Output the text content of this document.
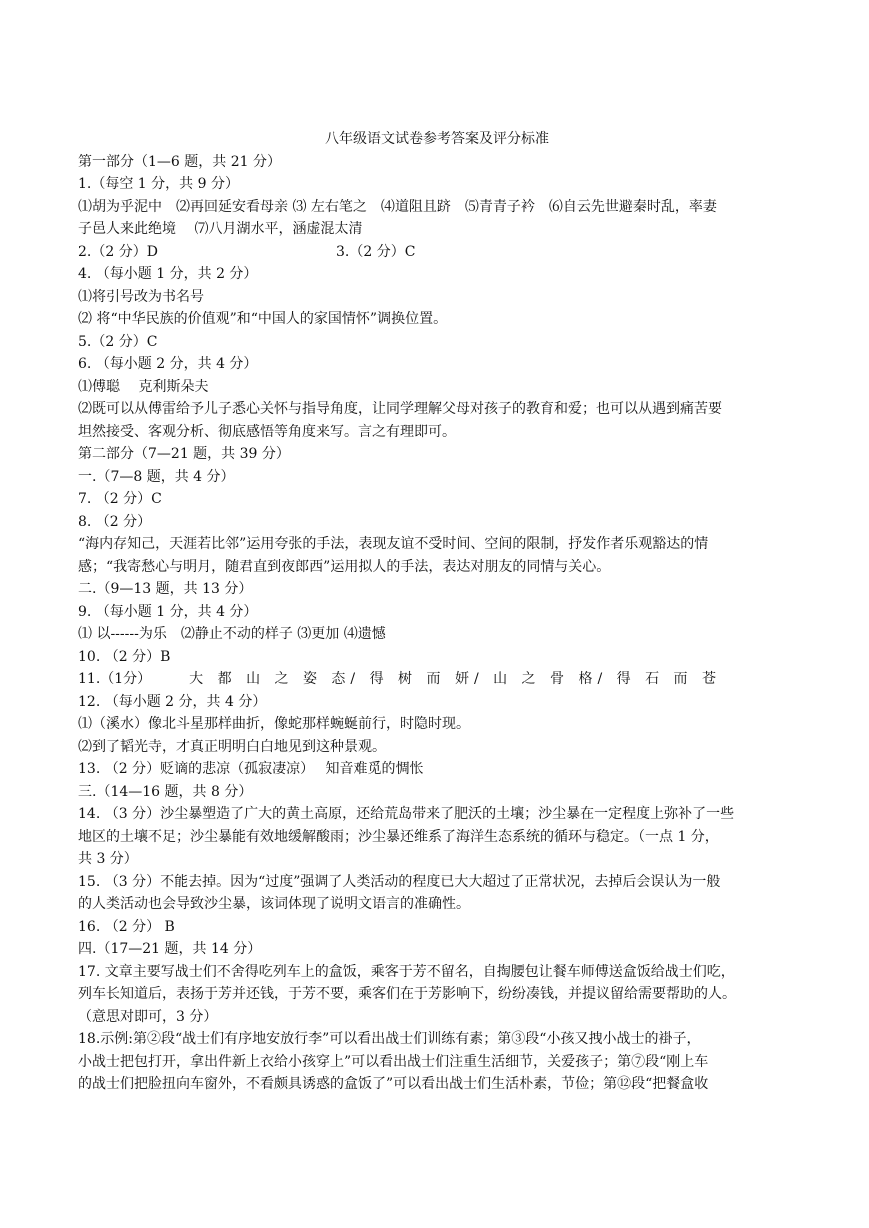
八年级语文试卷参考答案及评分标准
第一部分（1—6 题，共 21 分）
1.（每空 1 分，共 9 分）
⑴胡为乎泥中　⑵再回延安看母亲 ⑶ 左右笔之　⑷道阻且跻　⑸青青子衿　⑹自云先世避秦时乱，率妻
子邑人来此绝境　 ⑺八月湖水平，涵虚混太清
2.（2 分）D	3.（2 分）C
4. （每小题 1 分，共 2 分）
⑴将引号改为书名号
⑵ 将“中华民族的价值观”和“中国人的家国情怀”调换位置。
5.（2 分）C
6. （每小题 2 分，共 4 分）
⑴傅聪　 克利斯朵夫
⑵既可以从傅雷给予儿子悉心关怀与指导角度，让同学理解父母对孩子的教育和爱；也可以从遇到痛苦要
坦然接受、客观分析、彻底感悟等角度来写。言之有理即可。
第二部分（7—21 题，共 39 分）
一.（7—8 题，共 4 分）
7. （2 分）C
8. （2 分）
“海内存知己，天涯若比邻”运用夸张的手法，表现友谊不受时间、空间的限制，抒发作者乐观豁达的情
感；“我寄愁心与明月，随君直到夜郎西”运用拟人的手法，表达对朋友的同情与关心。
二.（9—13 题，共 13 分）
9. （每小题 1 分，共 4 分）
⑴ 以------为乐　⑵静止不动的样子 ⑶更加 ⑷遗憾
10. （2 分）B
11.（1分）	大 都 山 之 姿 态/ 得 树 而 妍/ 山 之 骨 格/ 得 石 而 苍
12. （每小题 2 分，共 4 分）
⑴（溪水）像北斗星那样曲折，像蛇那样蜿蜒前行，时隐时现。
⑵到了韬光寺，才真正明明白白地见到这种景观。
13. （2 分）贬谪的悲凉（孤寂凄凉）　 知音难觅的惆怅
三.（14—16 题，共 8 分）
14. （3 分）沙尘暴塑造了广大的黄土高原，还给荒岛带来了肥沃的土壤；沙尘暴在一定程度上弥补了一些
地区的土壤不足；沙尘暴能有效地缓解酸雨；沙尘暴还维系了海洋生态系统的循环与稳定。（一点 1 分，
共 3 分）
15. （3 分）不能去掉。因为“过度”强调了人类活动的程度已大大超过了正常状况，去掉后会误认为一般
的人类活动也会导致沙尘暴，该词体现了说明文语言的准确性。
16. （2 分） B
四.（17—21 题，共 14 分）
17. 文章主要写战士们不舍得吃列车上的盒饭，乘客于芳不留名，自掏腰包让餐车师傅送盒饭给战士们吃，
列车长知道后，表扬于芳并还钱，于芳不要，乘客们在于芳影响下，纷纷凑钱，并提议留给需要帮助的人。
（意思对即可，3 分）
18.示例:第②段“战士们有序地安放行李”可以看出战士们训练有素；第③段“小孩又拽小战士的褂子，
小战士把包打开，拿出件新上衣给小孩穿上”可以看出战士们注重生活细节，关爱孩子；第⑦段“刚上车
的战士们把脸扭向车窗外，不看颇具诱惑的盒饭了”可以看出战士们生活朴素，节俭；第⑫段“把餐盒收
